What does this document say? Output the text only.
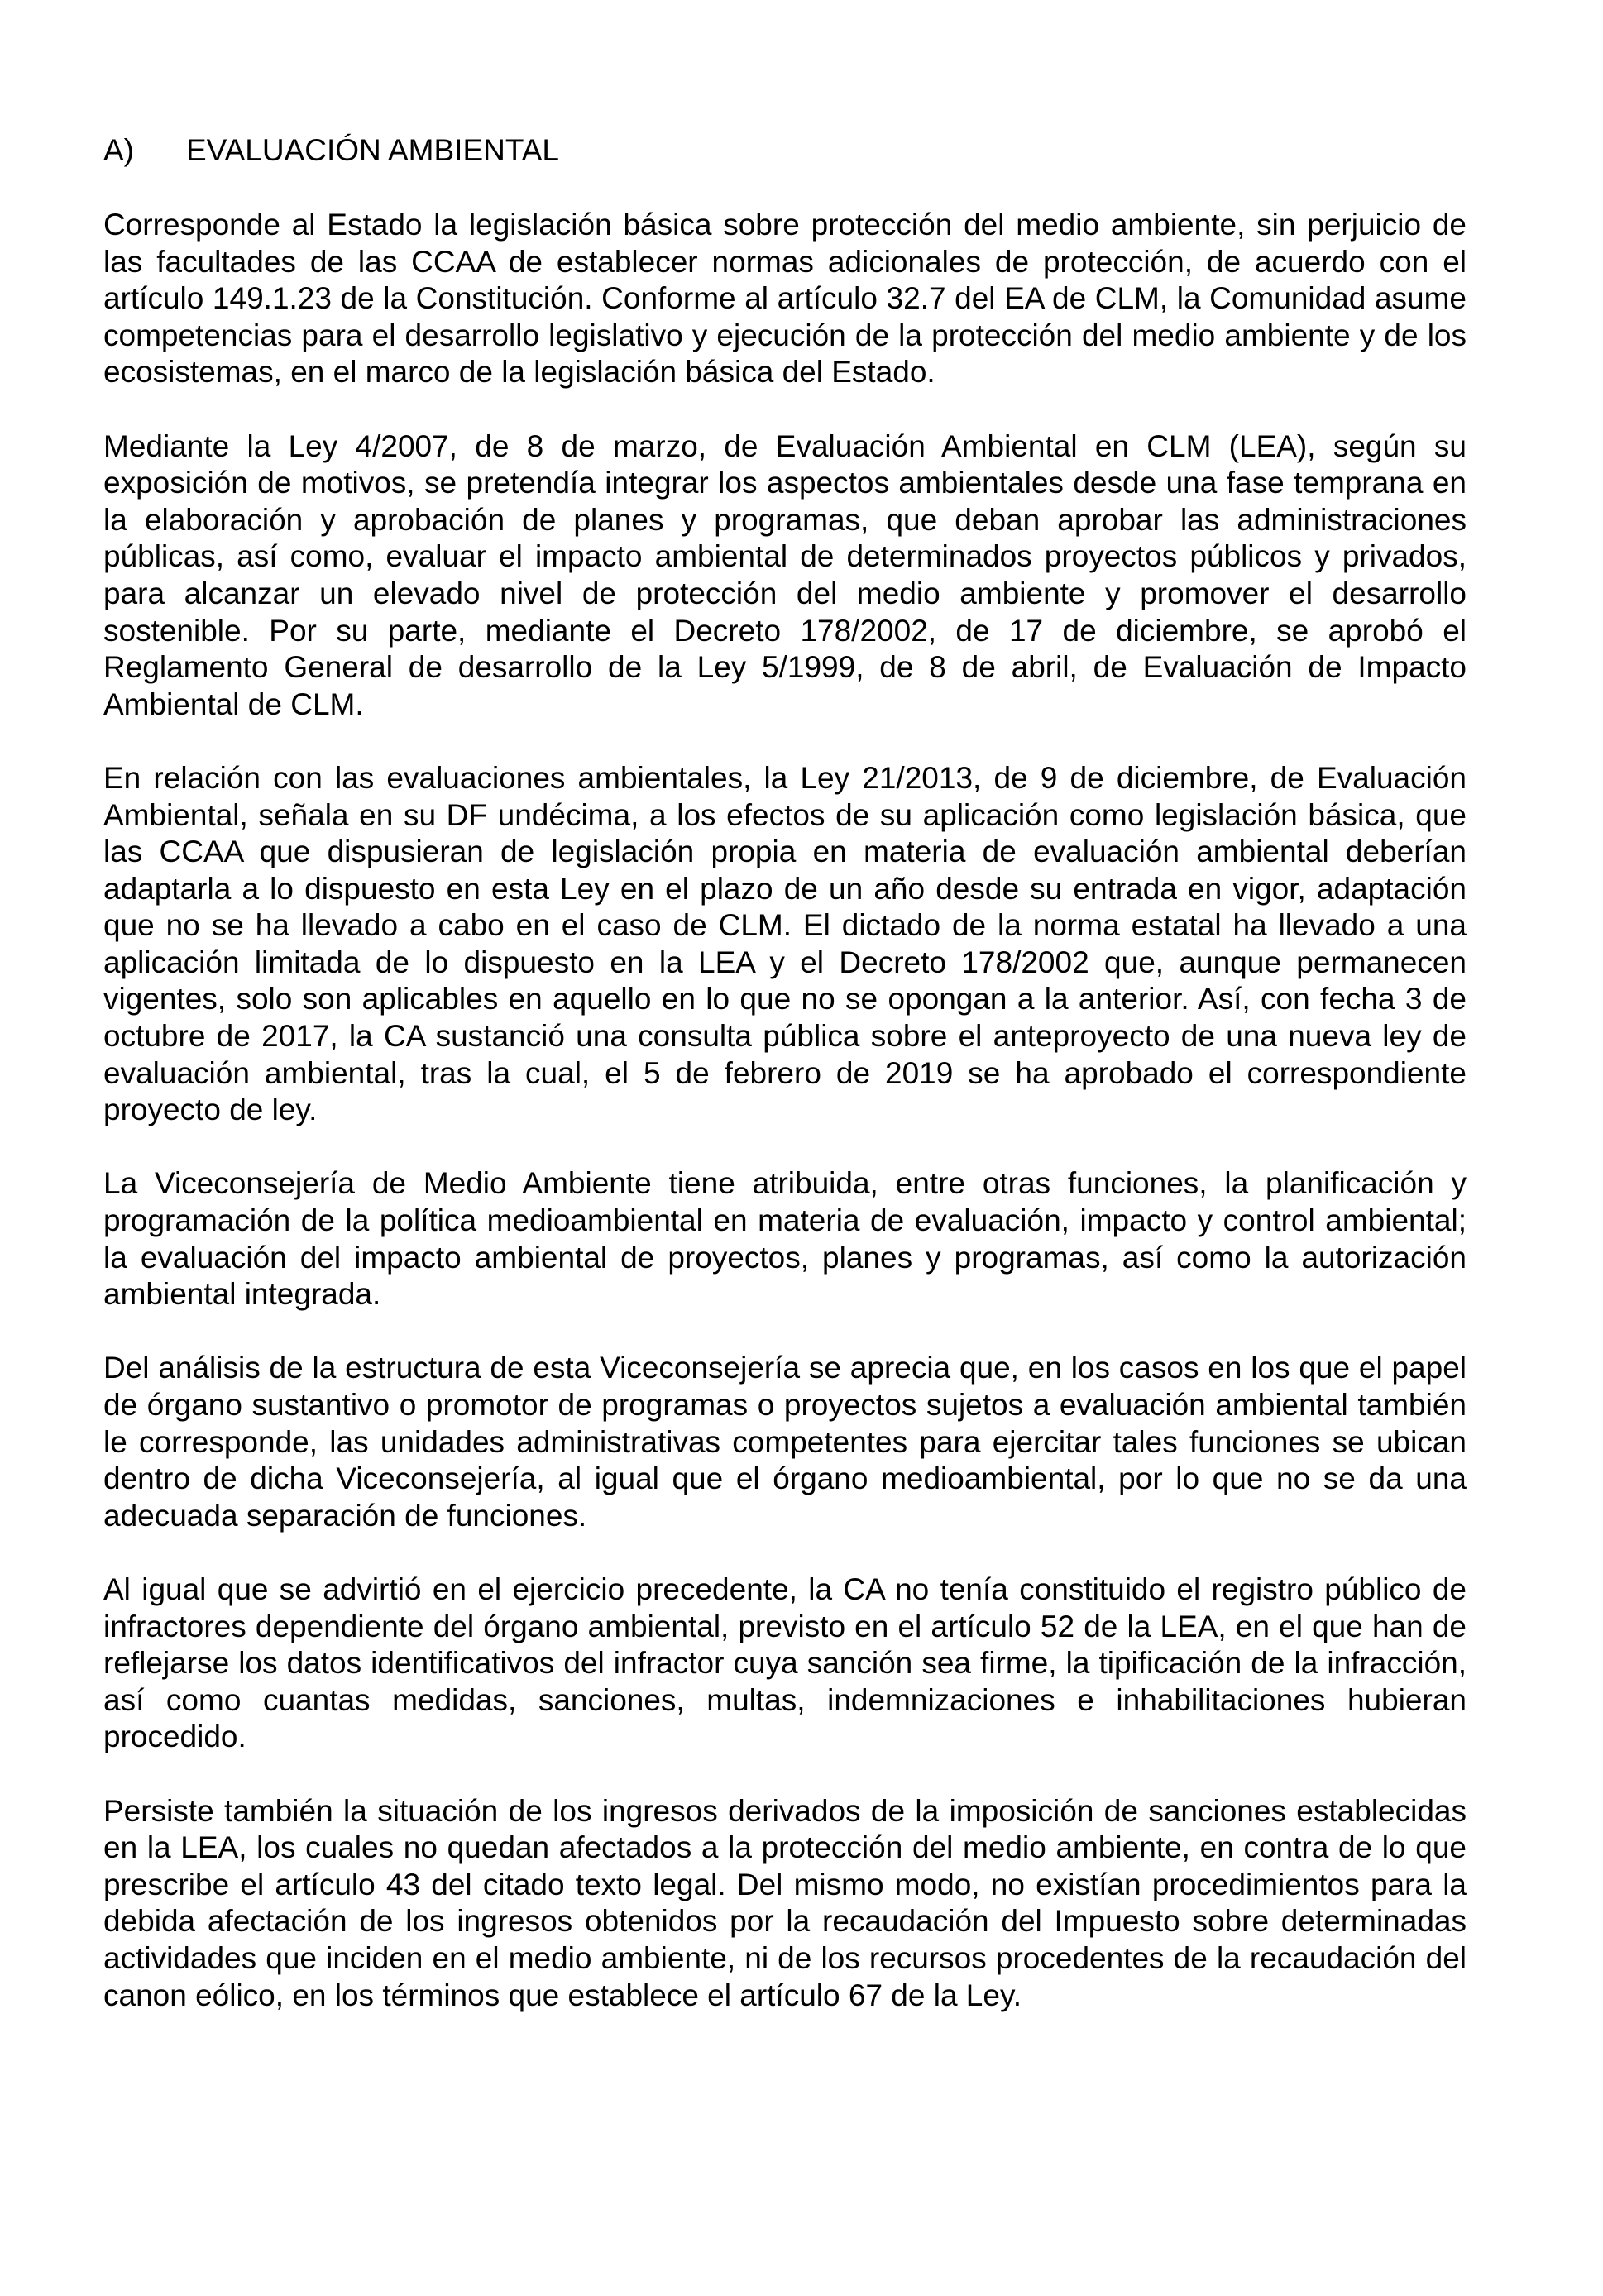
A)	EVALUACIÓN AMBIENTAL

Corresponde al Estado la legislación básica sobre protección del medio ambiente, sin perjuicio de las facultades de las CCAA de establecer normas adicionales de protección, de acuerdo con el artículo 149.1.23 de la Constitución. Conforme al artículo 32.7 del EA de CLM, la Comunidad asume competencias para el desarrollo legislativo y ejecución de la protección del medio ambiente y de los ecosistemas, en el marco de la legislación básica del Estado.

Mediante la Ley 4/2007, de 8 de marzo, de Evaluación Ambiental en CLM (LEA), según su exposición de motivos, se pretendía integrar los aspectos ambientales desde una fase temprana en la elaboración y aprobación de planes y programas, que deban aprobar las administraciones públicas, así como, evaluar el impacto ambiental de determinados proyectos públicos y privados, para alcanzar un elevado nivel de protección del medio ambiente y promover el desarrollo sostenible. Por su parte, mediante el Decreto 178/2002, de 17 de diciembre, se aprobó el Reglamento General de desarrollo de la Ley 5/1999, de 8 de abril, de Evaluación de Impacto Ambiental de CLM.

En relación con las evaluaciones ambientales, la Ley 21/2013, de 9 de diciembre, de Evaluación Ambiental, señala en su DF undécima, a los efectos de su aplicación como legislación básica, que las CCAA que dispusieran de legislación propia en materia de evaluación ambiental deberían adaptarla a lo dispuesto en esta Ley en el plazo de un año desde su entrada en vigor, adaptación que no se ha llevado a cabo en el caso de CLM. El dictado de la norma estatal ha llevado a una aplicación limitada de lo dispuesto en la LEA y el Decreto 178/2002 que, aunque permanecen vigentes, solo son aplicables en aquello en lo que no se opongan a la anterior. Así, con fecha 3 de octubre de 2017, la CA sustanció una consulta pública sobre el anteproyecto de una nueva ley de evaluación ambiental, tras la cual, el 5 de febrero de 2019 se ha aprobado el correspondiente proyecto de ley.

La Viceconsejería de Medio Ambiente tiene atribuida, entre otras funciones, la planificación y programación de la política medioambiental en materia de evaluación, impacto y control ambiental; la evaluación del impacto ambiental de proyectos, planes y programas, así como la autorización ambiental integrada.

Del análisis de la estructura de esta Viceconsejería se aprecia que, en los casos en los que el papel de órgano sustantivo o promotor de programas o proyectos sujetos a evaluación ambiental también le corresponde, las unidades administrativas competentes para ejercitar tales funciones se ubican dentro de dicha Viceconsejería, al igual que el órgano medioambiental, por lo que no se da una adecuada separación de funciones.

Al igual que se advirtió en el ejercicio precedente, la CA no tenía constituido el registro público de infractores dependiente del órgano ambiental, previsto en el artículo 52 de la LEA, en el que han de reflejarse los datos identificativos del infractor cuya sanción sea firme, la tipificación de la infracción, así como cuantas medidas, sanciones, multas, indemnizaciones e inhabilitaciones hubieran procedido.

Persiste también la situación de los ingresos derivados de la imposición de sanciones establecidas en la LEA, los cuales no quedan afectados a la protección del medio ambiente, en contra de lo que prescribe el artículo 43 del citado texto legal. Del mismo modo, no existían procedimientos para la debida afectación de los ingresos obtenidos por la recaudación del Impuesto sobre determinadas actividades que inciden en el medio ambiente, ni de los recursos procedentes de la recaudación del canon eólico, en los términos que establece el artículo 67 de la Ley.
